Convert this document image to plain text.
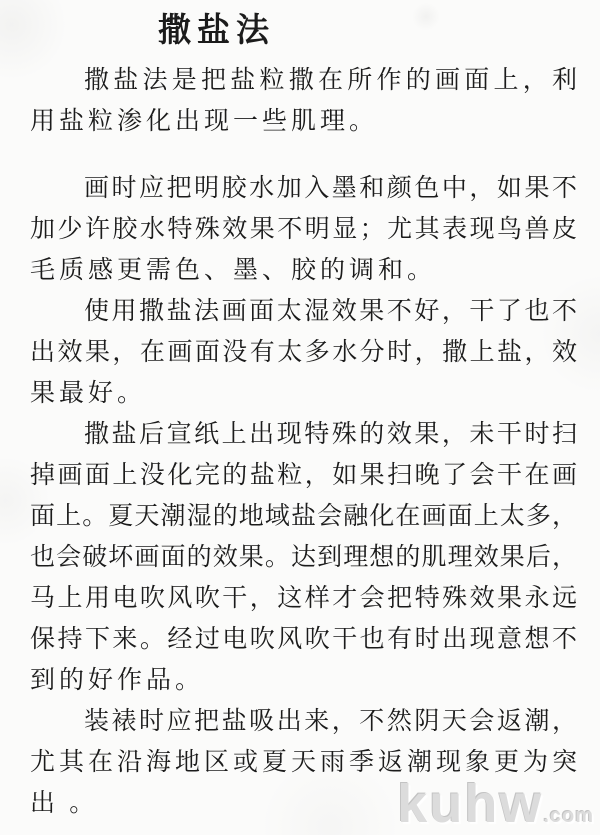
撒盐法
撒盐法是把盐粒撒在所作的画面上，利
用盐粒渗化出现一些肌理。
画时应把明胶水加入墨和颜色中，如果不
加少许胶水特殊效果不明显；尤其表现鸟兽皮
毛质感更需色、墨、胶的调和。
使用撒盐法画面太湿效果不好，干了也不
出效果，在画面没有太多水分时，撒上盐，效
果最好。
撒盐后宣纸上出现特殊的效果，未干时扫
掉画面上没化完的盐粒，如果扫晚了会干在画
面上。夏天潮湿的地域盐会融化在画面上太多，
也会破坏画面的效果。达到理想的肌理效果后，
马上用电吹风吹干，这样才会把特殊效果永远
保持下来。经过电吹风吹干也有时出现意想不
到的好作品。
装裱时应把盐吸出来，不然阴天会返潮，
尤其在沿海地区或夏天雨季返潮现象更为突
出 。	kuhw.com
